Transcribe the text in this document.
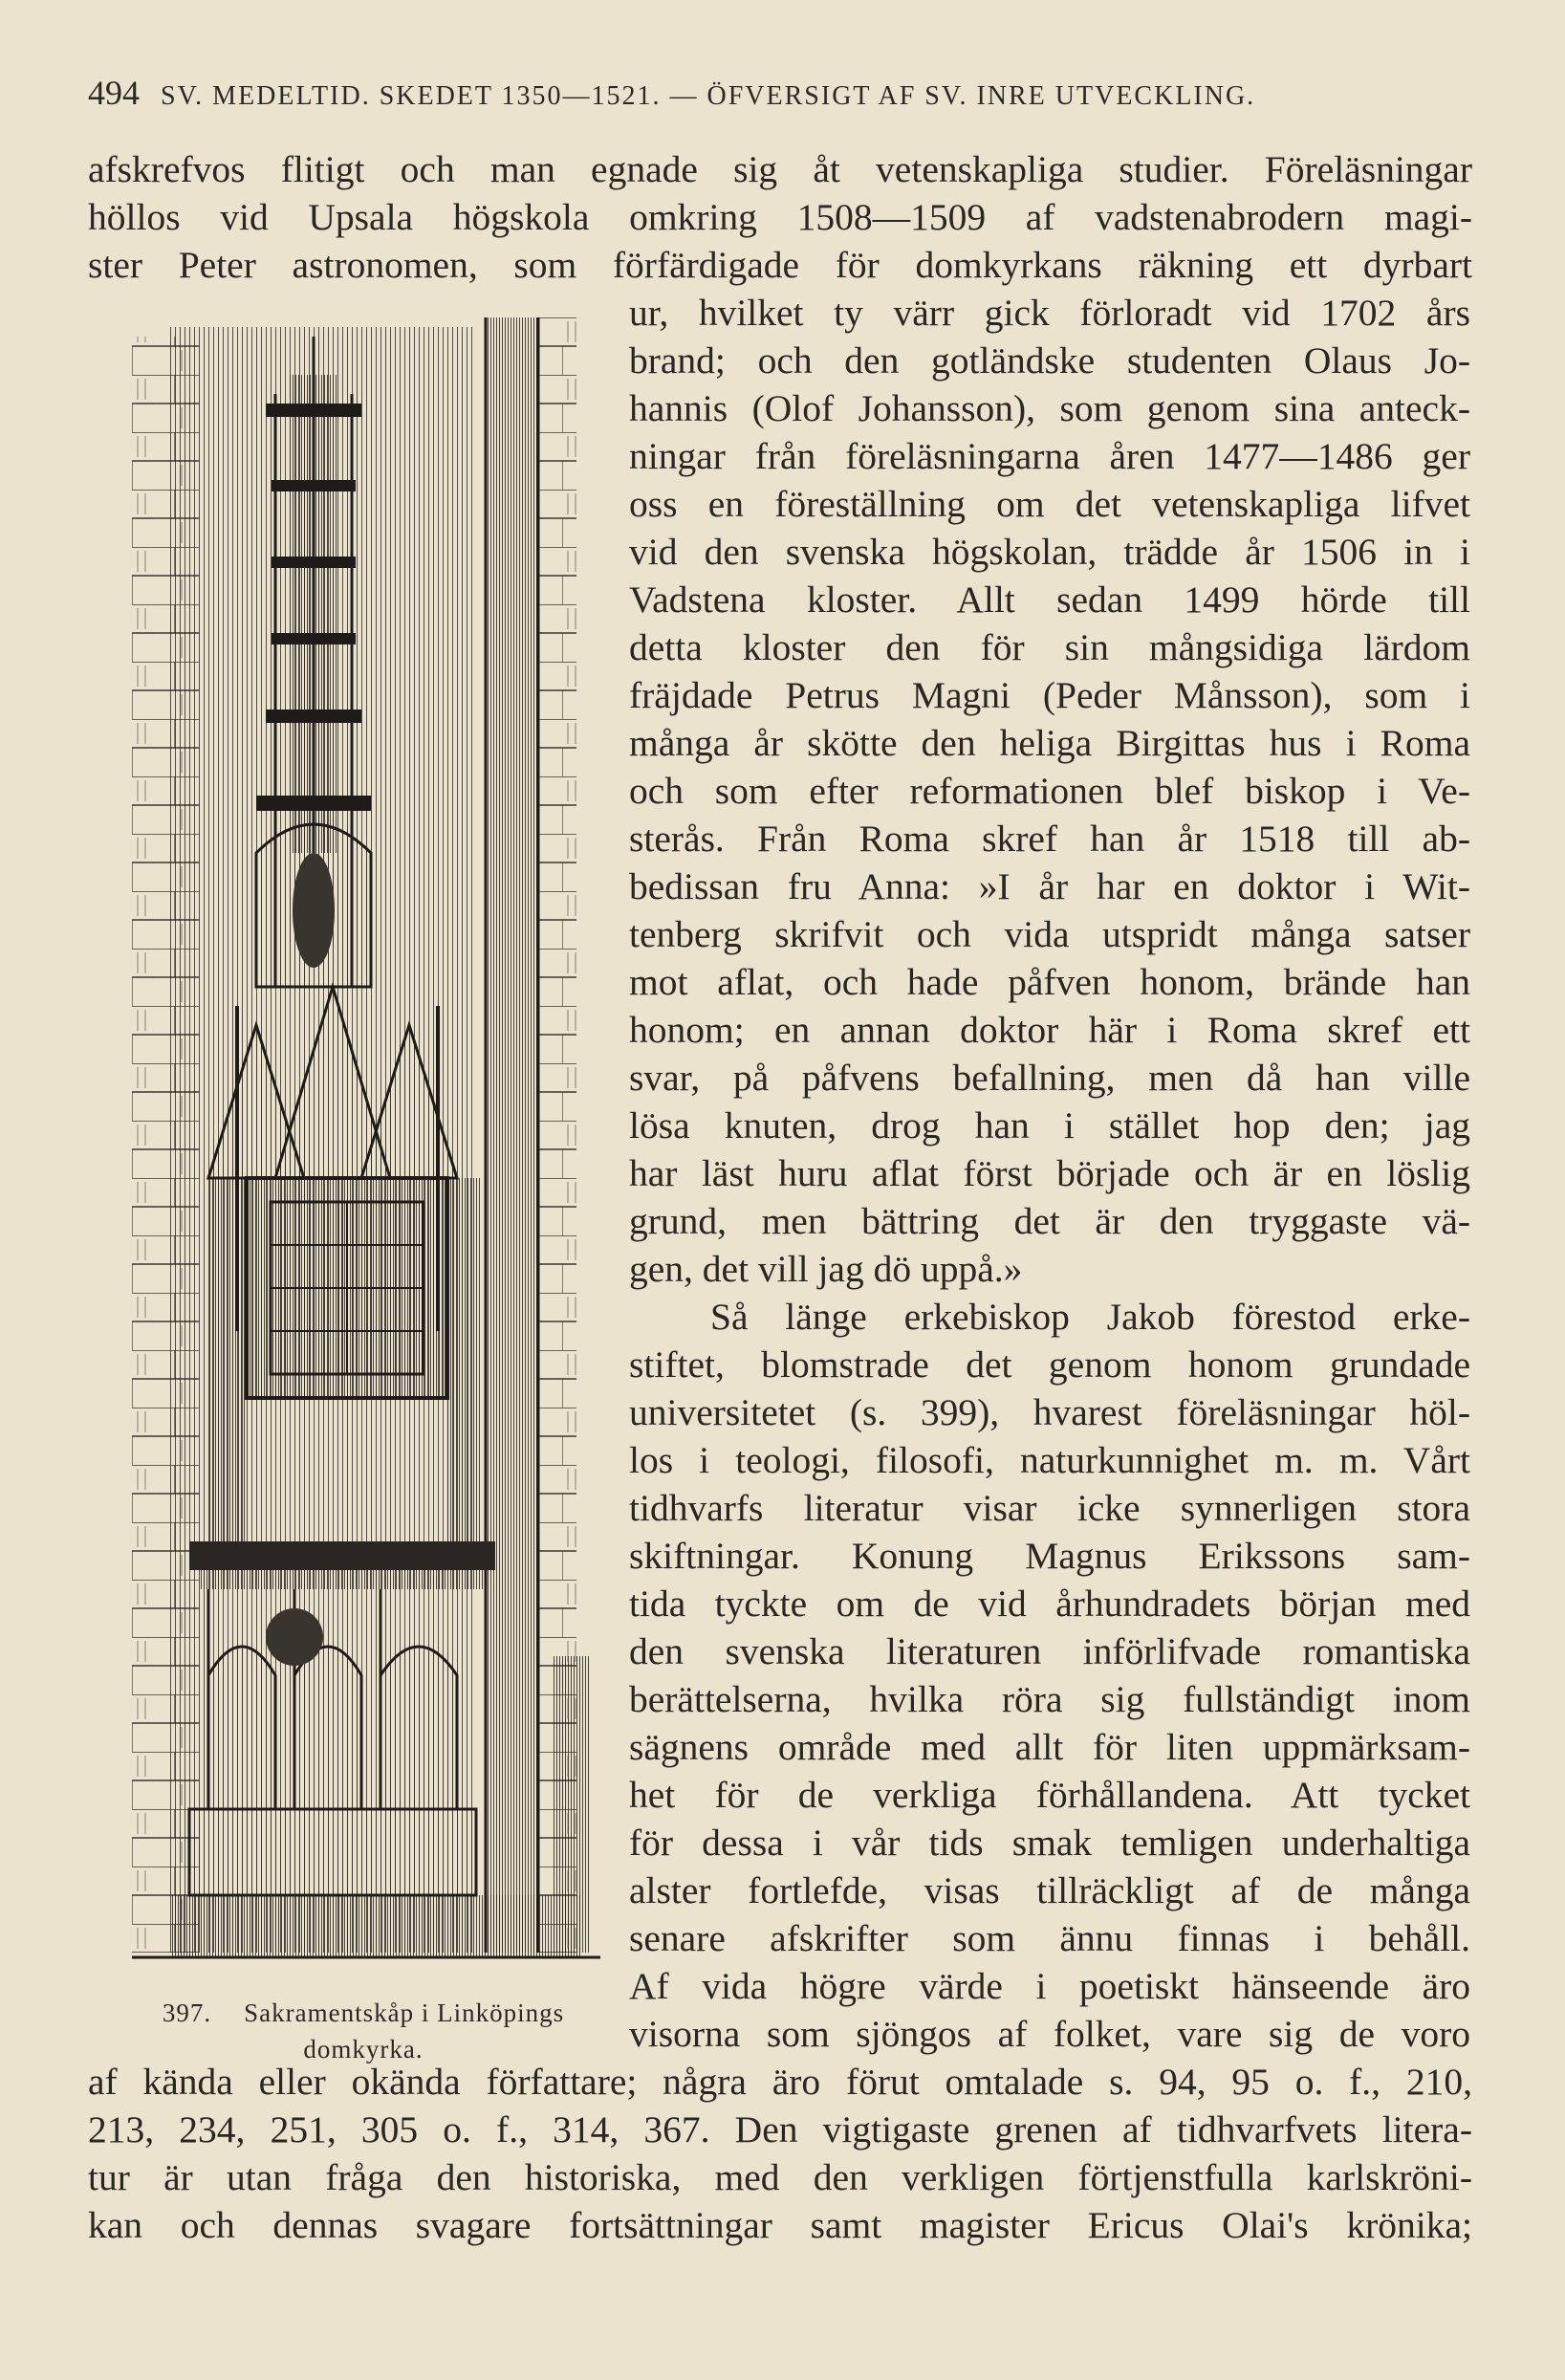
494 SV. MEDELTID. SKEDET 1350—1521. — ÖFVERSIGT AF SV. INRE UTVECKLING.
afskrefvos flitigt och man egnade sig åt vetenskapliga studier. Föreläsningar
höllos vid Upsala högskola omkring 1508—1509 af vadstenabrodern magi-
ster Peter astronomen, som förfärdigade för domkyrkans räkning ett dyrbart
ur, hvilket ty värr gick förloradt vid 1702 års
brand; och den gotländske studenten Olaus Jo-
hannis (Olof Johansson), som genom sina anteck-
ningar från föreläsningarna åren 1477—1486 ger
oss en föreställning om det vetenskapliga lifvet
vid den svenska högskolan, trädde år 1506 in i
Vadstena kloster. Allt sedan 1499 hörde till
detta kloster den för sin mångsidiga lärdom
fräjdade Petrus Magni (Peder Månsson), som i
många år skötte den heliga Birgittas hus i Roma
och som efter reformationen blef biskop i Ve-
sterås. Från Roma skref han år 1518 till ab-
bedissan fru Anna: »I år har en doktor i Wit-
tenberg skrifvit och vida utspridt många satser
mot aflat, och hade påfven honom, brände han
honom; en annan doktor här i Roma skref ett
svar, på påfvens befallning, men då han ville
lösa knuten, drog han i stället hop den; jag
har läst huru aflat först började och är en löslig
grund, men bättring det är den tryggaste vä-
gen, det vill jag dö uppå.»
Så länge erkebiskop Jakob förestod erke-
stiftet, blomstrade det genom honom grundade
universitetet (s. 399), hvarest föreläsningar höl-
los i teologi, filosofi, naturkunnighet m. m. Vårt
tidhvarfs literatur visar icke synnerligen stora
skiftningar. Konung Magnus Erikssons sam-
tida tyckte om de vid århundradets början med
den svenska literaturen införlifvade romantiska
berättelserna, hvilka röra sig fullständigt inom
sägnens område med allt för liten uppmärksam-
het för de verkliga förhållandena. Att tycket
för dessa i vår tids smak temligen underhaltiga
alster fortlefde, visas tillräckligt af de många
senare afskrifter som ännu finnas i behåll.
Af vida högre värde i poetiskt hänseende äro
visorna som sjöngos af folket, vare sig de voro
af kända eller okända författare; några äro förut omtalade s. 94, 95 o. f., 210,
213, 234, 251, 305 o. f., 314, 367. Den vigtigaste grenen af tidhvarfvets litera-
tur är utan fråga den historiska, med den verkligen förtjenstfulla karlskröni-
kan och dennas svagare fortsättningar samt magister Ericus Olai's krönika;
397. Sakramentskåp i Linköpings
domkyrka.
